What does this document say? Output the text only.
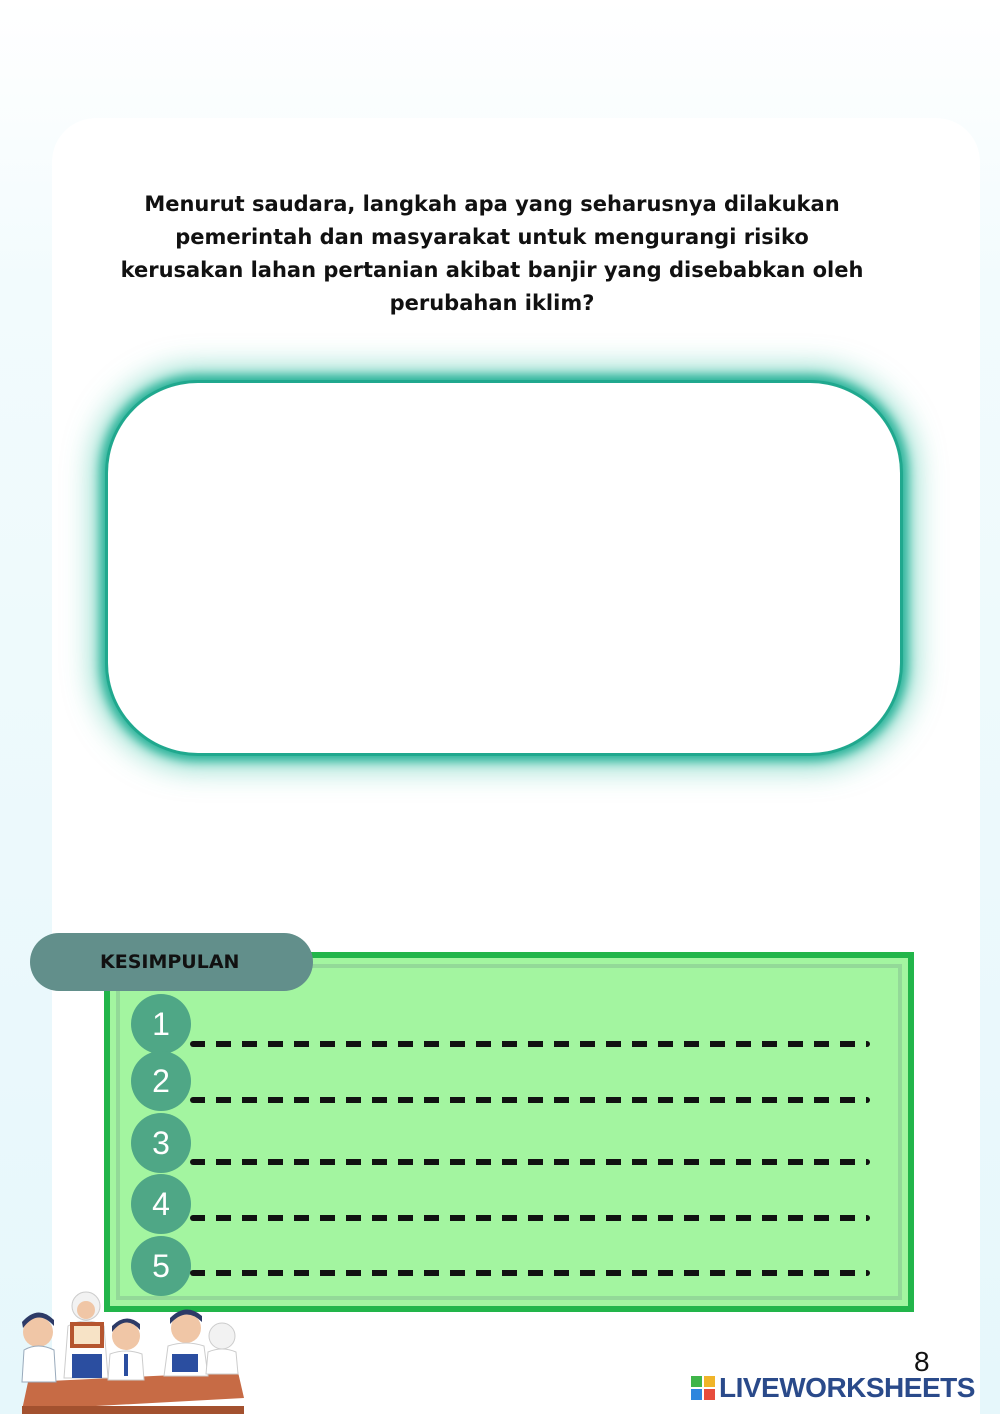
Menurut saudara, langkah apa yang seharusnya dilakukan pemerintah dan masyarakat untuk mengurangi risiko kerusakan lahan pertanian akibat banjir yang disebabkan oleh perubahan iklim?
KESIMPULAN
1
2
3
4
5
8
LIVEWORKSHEETS
